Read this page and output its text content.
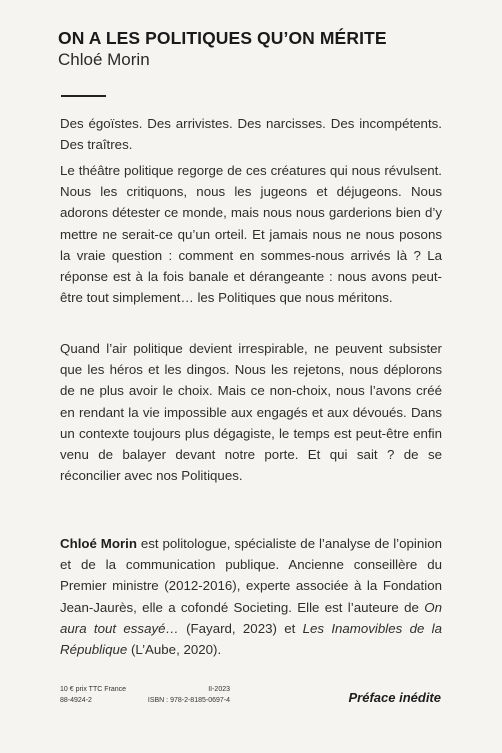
ON A LES POLITIQUES QU’ON MÉRITE
Chloé Morin
Des égoïstes. Des arrivistes. Des narcisses. Des incompétents. Des traîtres.
Le théâtre politique regorge de ces créatures qui nous révulsent. Nous les critiquons, nous les jugeons et déjugeons. Nous adorons détester ce monde, mais nous nous garderions bien d’y mettre ne serait-ce qu’un orteil. Et jamais nous ne nous posons la vraie question : comment en sommes-nous arrivés là ? La réponse est à la fois banale et dérangeante : nous avons peut-être tout simplement… les Politiques que nous méritons.
Quand l’air politique devient irrespirable, ne peuvent subsister que les héros et les dingos. Nous les rejetons, nous déplorons de ne plus avoir le choix. Mais ce non-choix, nous l’avons créé en rendant la vie impossible aux engagés et aux dévoués. Dans un contexte toujours plus dégagiste, le temps est peut-être enfin venu de balayer devant notre porte. Et qui sait ? de se réconcilier avec nos Politiques.
Chloé Morin est politologue, spécialiste de l’analyse de l’opinion et de la communication publique. Ancienne conseillère du Premier ministre (2012-2016), experte associée à la Fondation Jean-Jaurès, elle a cofondé Societing. Elle est l’auteure de On aura tout essayé… (Fayard, 2023) et Les Inamovibles de la République (L’Aube, 2020).
10 € prix TTC France	II-2023
88-4924-2	ISBN : 978-2-8185-0697-4	Préface inédite
